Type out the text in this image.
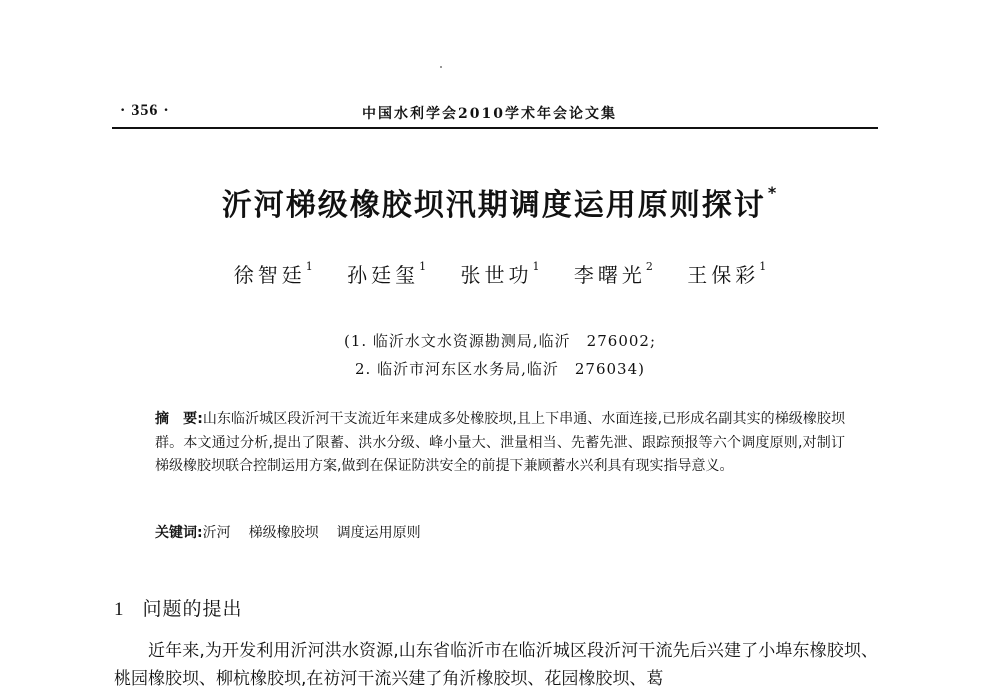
· 356 ·	中国水利学会2010学术年会论文集
沂河梯级橡胶坝汛期调度运用原则探讨 *
徐智廷$^1$ 孙廷玺$^1$ 张世功$^1$ 李曙光$^2$ 王保彩$^1$
(1. 临沂水文水资源勘测局,临沂　276002;
2. 临沂市河东区水务局,临沂　276034)
摘　要:山东临沂城区段沂河干支流近年来建成多处橡胶坝,且上下串通、水面连接,已形成名副其实的梯级橡胶坝群。本文通过分析,提出了限蓄、洪水分级、峰小量大、泄量相当、先蓄先泄、跟踪预报等六个调度原则,对制订梯级橡胶坝联合控制运用方案,做到在保证防洪安全的前提下兼顾蓄水兴利具有现实指导意义。
关键词:沂河 梯级橡胶坝 调度运用原则
1 问题的提出
近年来,为开发利用沂河洪水资源,山东省临沂市在临沂城区段沂河干流先后兴建了小埠东橡胶坝、桃园橡胶坝、柳杭橡胶坝,在祊河干流兴建了角沂橡胶坝、花园橡胶坝、葛
